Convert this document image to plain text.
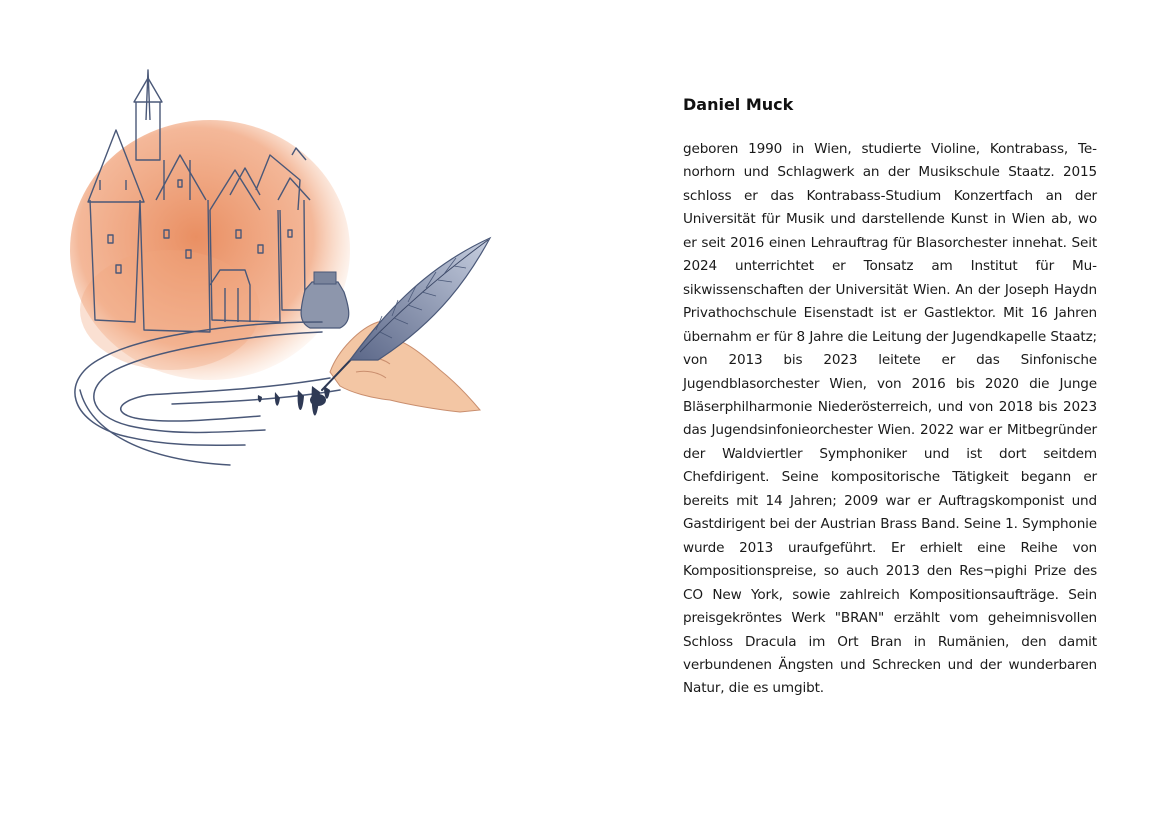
Daniel Muck

geboren 1990 in Wien, studierte Violine, Kontrabass, Tenorhorn und Schlagwerk an der Musikschule Staatz. 2015 schloss er das Kontrabass-Studium Konzertfach an der Universität für Musik und darstellende Kunst in Wien ab, wo er seit 2016 einen Lehrauftrag für Blasorchester innehat. Seit 2024 unterrichtet er Tonsatz am Institut für Musikwissenschaften der Universität Wien. An der Joseph Haydn Privathochschule Eisenstadt ist er Gastlektor. Mit 16 Jahren übernahm er für 8 Jahre die Leitung der Jugendkapelle Staatz; von 2013 bis 2023 leitete er das Sinfonische Jugendblasorchester Wien, von 2016 bis 2020 die Junge Bläserphilharmonie Niederösterreich, und von 2018 bis 2023 das Jugendsinfonieorchester Wien. 2022 war er Mitbegründer der Waldviertler Symphoniker und ist dort seitdem Chefdirigent. Seine kompositorische Tätigkeit begann er bereits mit 14 Jahren; 2009 war er Auftragskomponist und Gastdirigent bei der Austrian Brass Band. Seine 1. Symphonie wurde 2013 uraufgeführt. Er erhielt eine Reihe von Kompositionspreise, so auch 2013 den Res¬pighi Prize des CO New York, sowie zahlreich Kompositionsaufträge. Sein preisgekröntes Werk "BRAN" erzählt vom geheimnisvollen Schloss Dracula im Ort Bran in Rumänien, den damit verbundenen Ängsten und Schrecken und der wunderbaren Natur, die es umgibt.
